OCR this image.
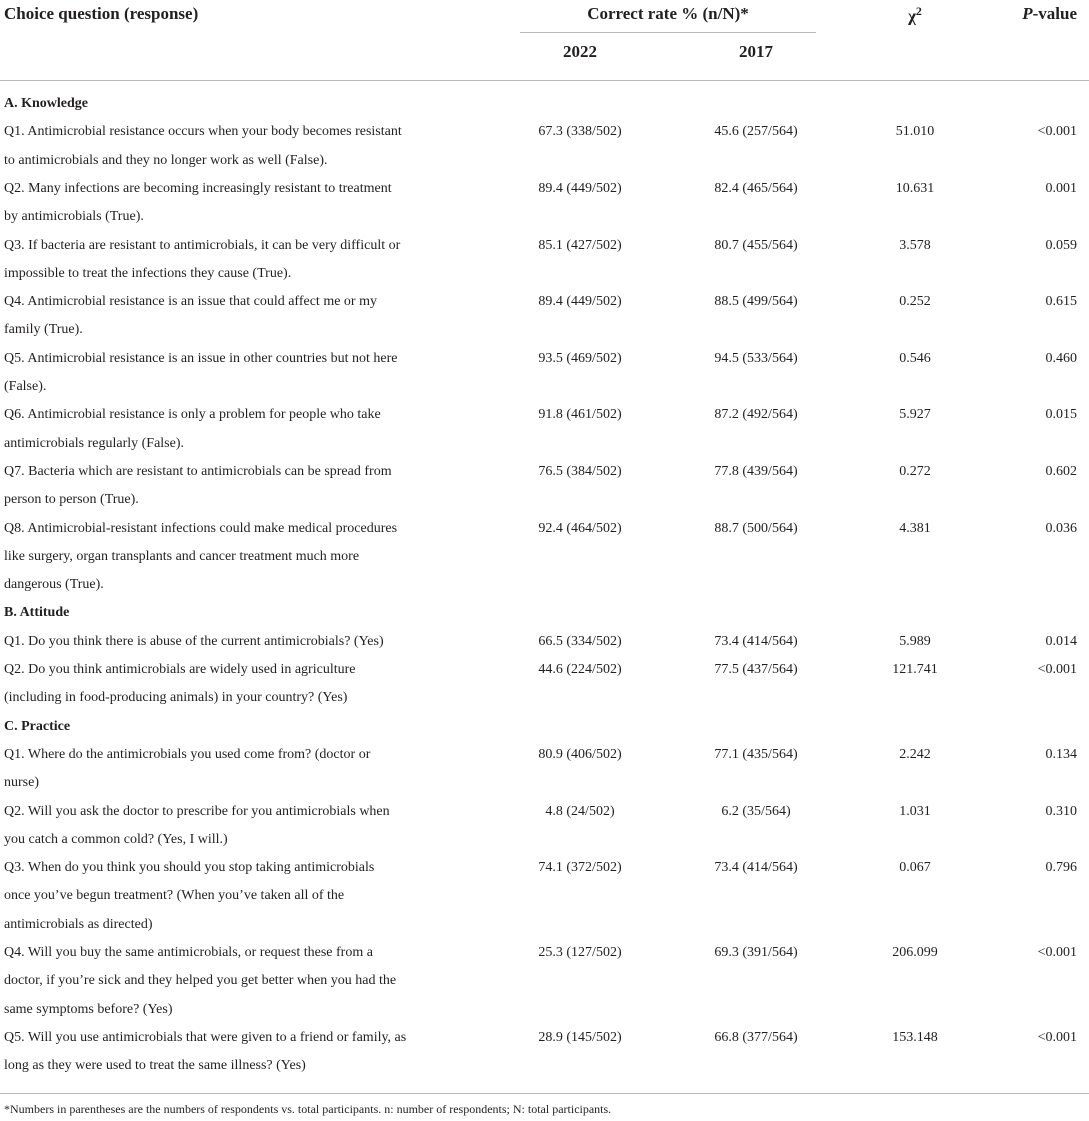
Choice question (response)	Correct rate % (n/N)*	$\chi^2$	P-value
2022	2017
A. Knowledge
Q1. Antimicrobial resistance occurs when your body becomes resistant
to antimicrobials and they no longer work as well (False).
67.3 (338/502)	45.6 (257/564)	51.010	<0.001
Q2. Many infections are becoming increasingly resistant to treatment
by antimicrobials (True).
89.4 (449/502)	82.4 (465/564)	10.631	0.001
Q3. If bacteria are resistant to antimicrobials, it can be very difficult or
impossible to treat the infections they cause (True).
85.1 (427/502)	80.7 (455/564)	3.578	0.059
Q4. Antimicrobial resistance is an issue that could affect me or my
family (True).
89.4 (449/502)	88.5 (499/564)	0.252	0.615
Q5. Antimicrobial resistance is an issue in other countries but not here
(False).
93.5 (469/502)	94.5 (533/564)	0.546	0.460
Q6. Antimicrobial resistance is only a problem for people who take
antimicrobials regularly (False).
91.8 (461/502)	87.2 (492/564)	5.927	0.015
Q7. Bacteria which are resistant to antimicrobials can be spread from
person to person (True).
76.5 (384/502)	77.8 (439/564)	0.272	0.602
Q8. Antimicrobial-resistant infections could make medical procedures
like surgery, organ transplants and cancer treatment much more
dangerous (True).
92.4 (464/502)	88.7 (500/564)	4.381	0.036
B. Attitude
Q1. Do you think there is abuse of the current antimicrobials? (Yes)	66.5 (334/502)	73.4 (414/564)	5.989	0.014
Q2. Do you think antimicrobials are widely used in agriculture
(including in food-producing animals) in your country? (Yes)
44.6 (224/502)	77.5 (437/564)	121.741	<0.001
C. Practice
Q1. Where do the antimicrobials you used come from? (doctor or
nurse)
80.9 (406/502)	77.1 (435/564)	2.242	0.134
Q2. Will you ask the doctor to prescribe for you antimicrobials when
you catch a common cold? (Yes, I will.)
4.8 (24/502)	6.2 (35/564)	1.031	0.310
Q3. When do you think you should you stop taking antimicrobials
once you’ve begun treatment? (When you’ve taken all of the
antimicrobials as directed)
74.1 (372/502)	73.4 (414/564)	0.067	0.796
Q4. Will you buy the same antimicrobials, or request these from a
doctor, if you’re sick and they helped you get better when you had the
same symptoms before? (Yes)
25.3 (127/502)	69.3 (391/564)	206.099	<0.001
Q5. Will you use antimicrobials that were given to a friend or family, as
long as they were used to treat the same illness? (Yes)
28.9 (145/502)	66.8 (377/564)	153.148	<0.001
*Numbers in parentheses are the numbers of respondents vs. total participants. n: number of respondents; N: total participants.
